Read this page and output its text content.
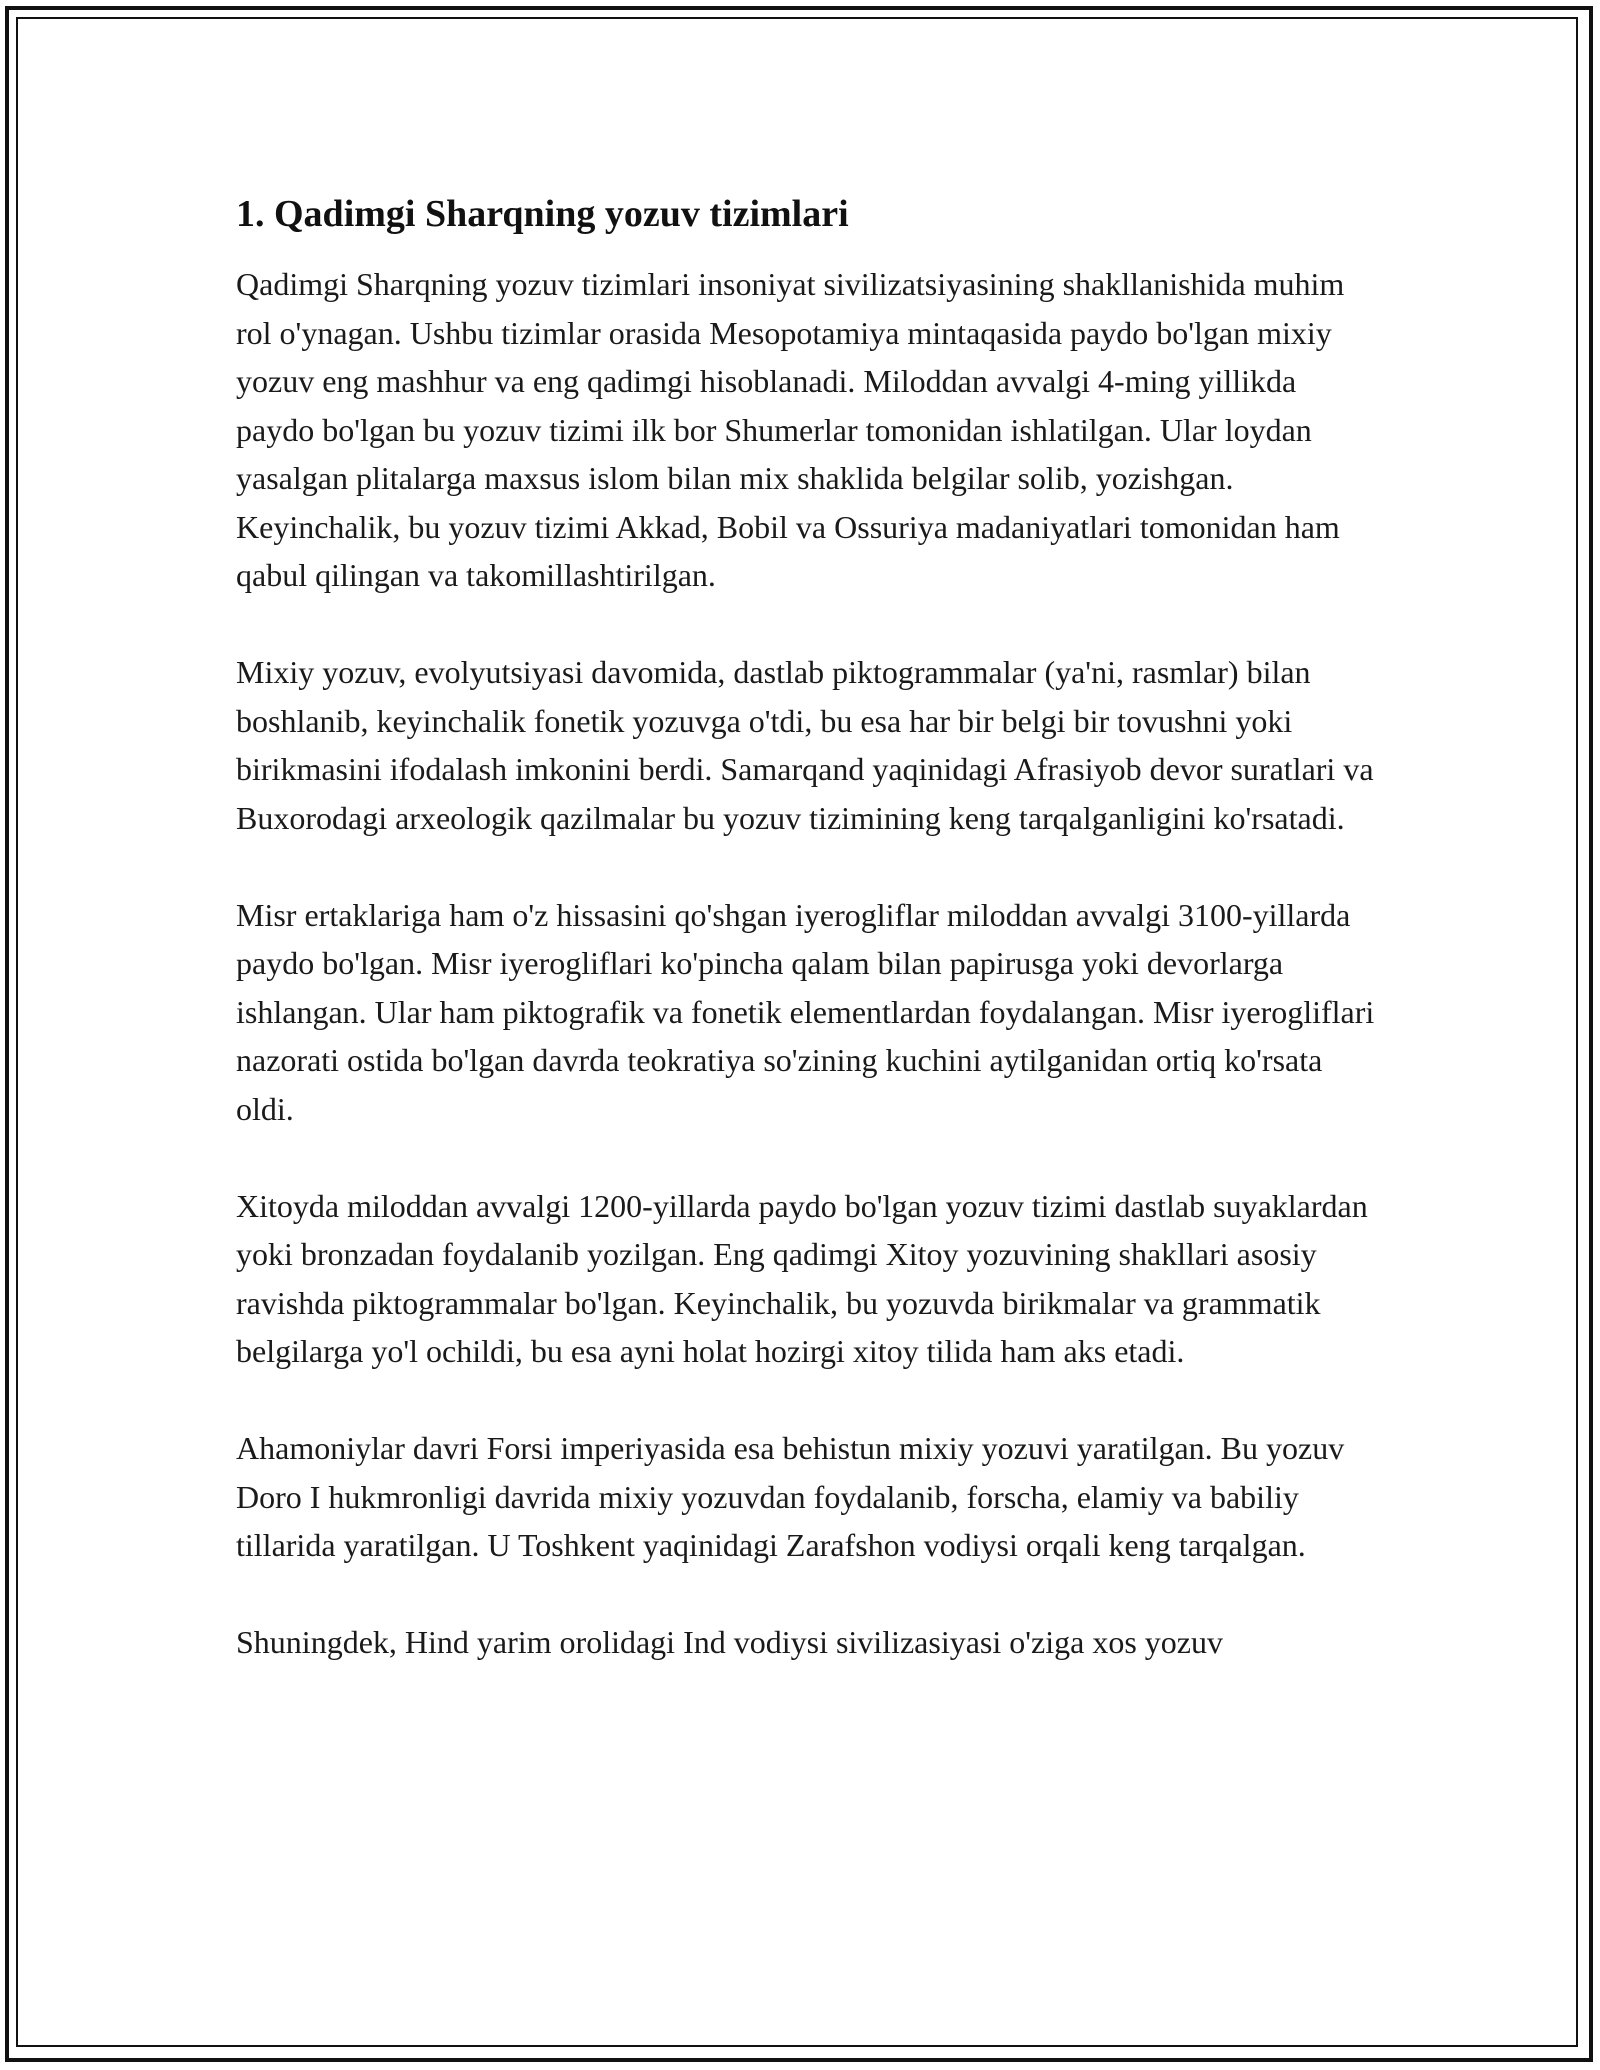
1. Qadimgi Sharqning yozuv tizimlari

Qadimgi Sharqning yozuv tizimlari insoniyat sivilizatsiyasining shakllanishida muhim rol o'ynagan. Ushbu tizimlar orasida Mesopotamiya mintaqasida paydo bo'lgan mixiy yozuv eng mashhur va eng qadimgi hisoblanadi. Miloddan avvalgi 4-ming yillikda paydo bo'lgan bu yozuv tizimi ilk bor Shumerlar tomonidan ishlatilgan. Ular loydan yasalgan plitalarga maxsus islom bilan mix shaklida belgilar solib, yozishgan. Keyinchalik, bu yozuv tizimi Akkad, Bobil va Ossuriya madaniyatlari tomonidan ham qabul qilingan va takomillashtirilgan.

Mixiy yozuv, evolyutsiyasi davomida, dastlab piktogrammalar (ya'ni, rasmlar) bilan boshlanib, keyinchalik fonetik yozuvga o'tdi, bu esa har bir belgi bir tovushni yoki birikmasini ifodalash imkonini berdi. Samarqand yaqinidagi Afrasiyob devor suratlari va Buxorodagi arxeologik qazilmalar bu yozuv tizimining keng tarqalganligini ko'rsatadi.

Misr ertaklariga ham o'z hissasini qo'shgan iyerogliflar miloddan avvalgi 3100-yillarda paydo bo'lgan. Misr iyerogliflari ko'pincha qalam bilan papirusga yoki devorlarga ishlangan. Ular ham piktografik va fonetik elementlardan foydalangan. Misr iyerogliflari nazorati ostida bo'lgan davrda teokratiya so'zining kuchini aytilganidan ortiq ko'rsata oldi.

Xitoyda miloddan avvalgi 1200-yillarda paydo bo'lgan yozuv tizimi dastlab suyaklardan yoki bronzadan foydalanib yozilgan. Eng qadimgi Xitoy yozuvining shakllari asosiy ravishda piktogrammalar bo'lgan. Keyinchalik, bu yozuvda birikmalar va grammatik belgilarga yo'l ochildi, bu esa ayni holat hozirgi xitoy tilida ham aks etadi.

Ahamoniylar davri Forsi imperiyasida esa behistun mixiy yozuvi yaratilgan. Bu yozuv Doro I hukmronligi davrida mixiy yozuvdan foydalanib, forscha, elamiy va babiliy tillarida yaratilgan. U Toshkent yaqinidagi Zarafshon vodiysi orqali keng tarqalgan.

Shuningdek, Hind yarim orolidagi Ind vodiysi sivilizasiyasi o'ziga xos yozuv
